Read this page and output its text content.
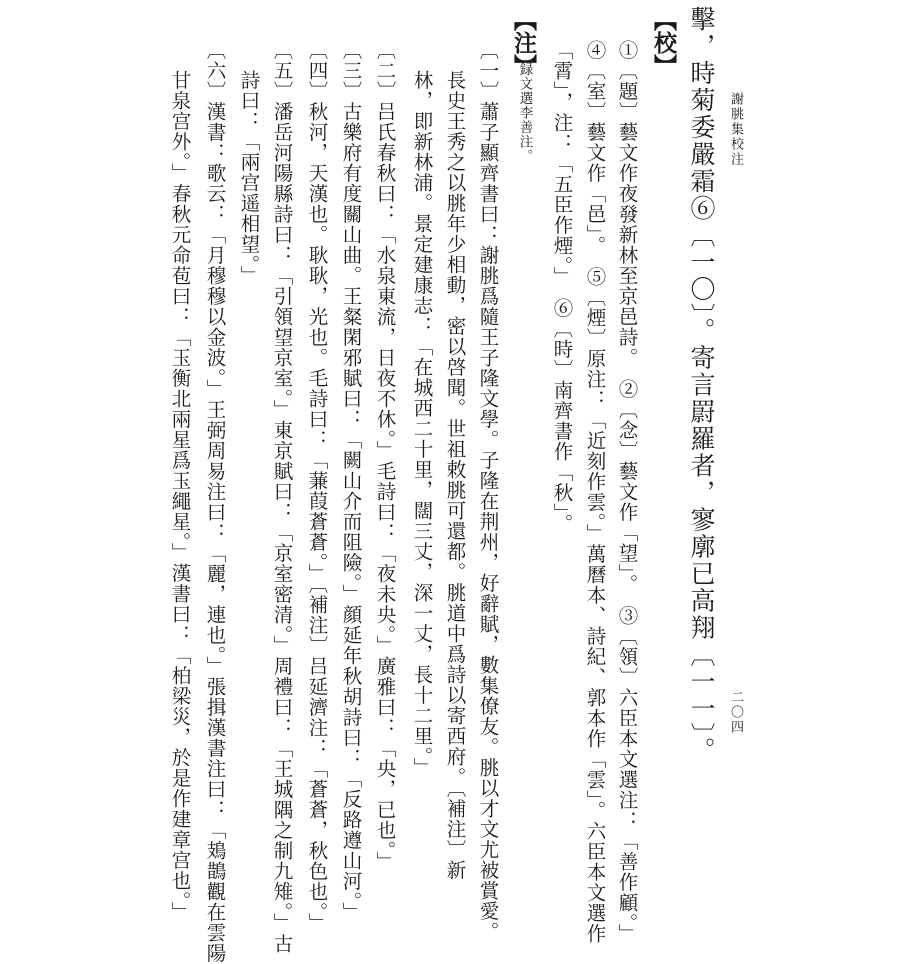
謝朓集校注
二〇四
擊，時菊委嚴霜⑥〔一〇〕。寄言罻羅者，寥廓已高翔〔一一〕。
【校】
①〔題〕藝文作夜發新林至京邑詩。　②〔念〕藝文作「望」。　③〔領〕六臣本文選注：「善作顧。」
④〔室〕藝文作「邑」。　⑤〔煙〕原注：「近刻作雲。」萬曆本、詩紀、郭本作「雲」。六臣本文選作
「霄」，注：「五臣作煙。」　⑥〔時〕南齊書作「秋」。
【注】
録文選李善注。
〔一〕蕭子顯齊書曰：謝朓爲隨王子隆文學。子隆在荆州，好辭賦，數集僚友。朓以才文尤被賞愛。
長史王秀之以朓年少相動，密以啓聞。世祖敕朓可還都。朓道中爲詩以寄西府。〔補注〕新
林，即新林浦。景定建康志：「在城西二十里，闊三丈，深一丈，長十二里。」
〔二〕吕氏春秋曰：「水泉東流，日夜不休。」毛詩曰：「夜未央。」廣雅曰：「央，已也。」
〔三〕古樂府有度關山曲。王粲閑邪賦曰：「闕山介而阻險。」顔延年秋胡詩曰：「反路遵山河。」
〔四〕秋河，天漢也。耿耿，光也。毛詩曰：「蒹葭蒼蒼。」〔補注〕吕延濟注：「蒼蒼，秋色也。」
〔五〕潘岳河陽縣詩曰：「引領望京室。」東京賦曰：「京室密清。」周禮曰：「王城隅之制九雉。」古
詩曰：「兩宫遥相望。」
〔六〕漢書：歌云：「月穆穆以金波。」王弼周易注曰：「麗，連也。」張揖漢書注曰：「鳷鵲觀在雲陽
甘泉宫外。」春秋元命苞曰：「玉衡北兩星爲玉繩星。」漢書曰：「柏梁災，於是作建章宫也。」
